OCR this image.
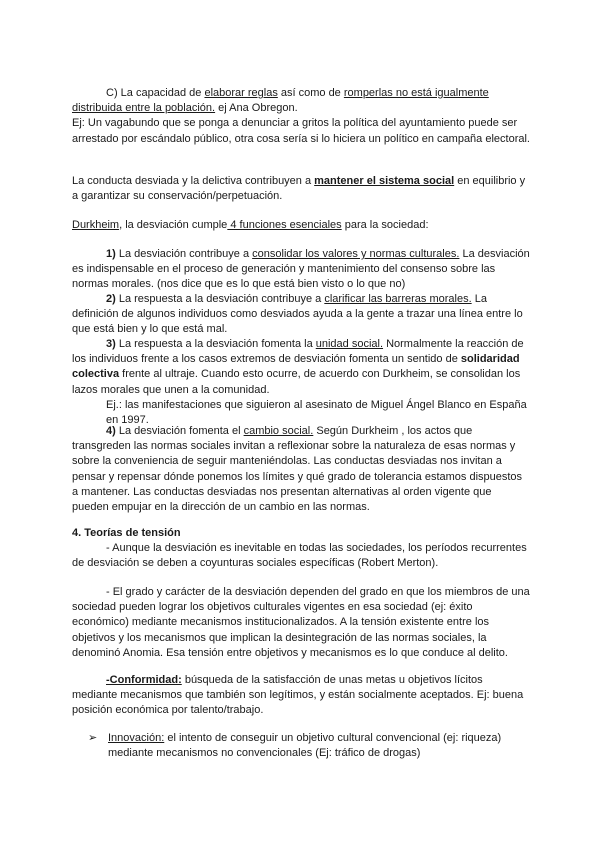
C) La capacidad de elaborar reglas así como de romperlas no está igualmente distribuida entre la población. ej Ana Obregon.
Ej: Un vagabundo que se ponga a denunciar a gritos la política del ayuntamiento puede ser arrestado por escándalo público, otra cosa sería si lo hiciera un político en campaña electoral.
La conducta desviada y la delictiva contribuyen a mantener el sistema social en equilibrio y a garantizar su conservación/perpetuación.
Durkheim, la desviación cumple 4 funciones esenciales para la sociedad:
1) La desviación contribuye a consolidar los valores y normas culturales. La desviación es indispensable en el proceso de generación y mantenimiento del consenso sobre las normas morales. (nos dice que es lo que está bien visto o lo que no)
2) La respuesta a la desviación contribuye a clarificar las barreras morales. La definición de algunos individuos como desviados ayuda a la gente a trazar una línea entre lo que está bien y lo que está mal.
3) La respuesta a la desviación fomenta la unidad social. Normalmente la reacción de los individuos frente a los casos extremos de desviación fomenta un sentido de solidaridad colectiva frente al ultraje. Cuando esto ocurre, de acuerdo con Durkheim, se consolidan los lazos morales que unen a la comunidad.
Ej.: las manifestaciones que siguieron al asesinato de Miguel Ángel Blanco en España en 1997.
4) La desviación fomenta el cambio social. Según Durkheim , los actos que transgreden las normas sociales invitan a reflexionar sobre la naturaleza de esas normas y sobre la conveniencia de seguir manteniéndolas. Las conductas desviadas nos invitan a pensar y repensar dónde ponemos los límites y qué grado de tolerancia estamos dispuestos a mantener. Las conductas desviadas nos presentan alternativas al orden vigente que pueden empujar en la dirección de un cambio en las normas.
4. Teorías de tensión
- Aunque la desviación es inevitable en todas las sociedades, los períodos recurrentes de desviación se deben a coyunturas sociales específicas (Robert Merton).
- El grado y carácter de la desviación dependen del grado en que los miembros de una sociedad pueden lograr los objetivos culturales vigentes en esa sociedad (ej: éxito económico) mediante mecanismos institucionalizados. A la tensión existente entre los objetivos y los mecanismos que implican la desintegración de las normas sociales, la denominó Anomia. Esa tensión entre objetivos y mecanismos es lo que conduce al delito.
-Conformidad: búsqueda de la satisfacción de unas metas u objetivos lícitos mediante mecanismos que también son legítimos, y están socialmente aceptados. Ej: buena posición económica por talento/trabajo.
➢ Innovación: el intento de conseguir un objetivo cultural convencional (ej: riqueza) mediante mecanismos no convencionales (Ej: tráfico de drogas)
